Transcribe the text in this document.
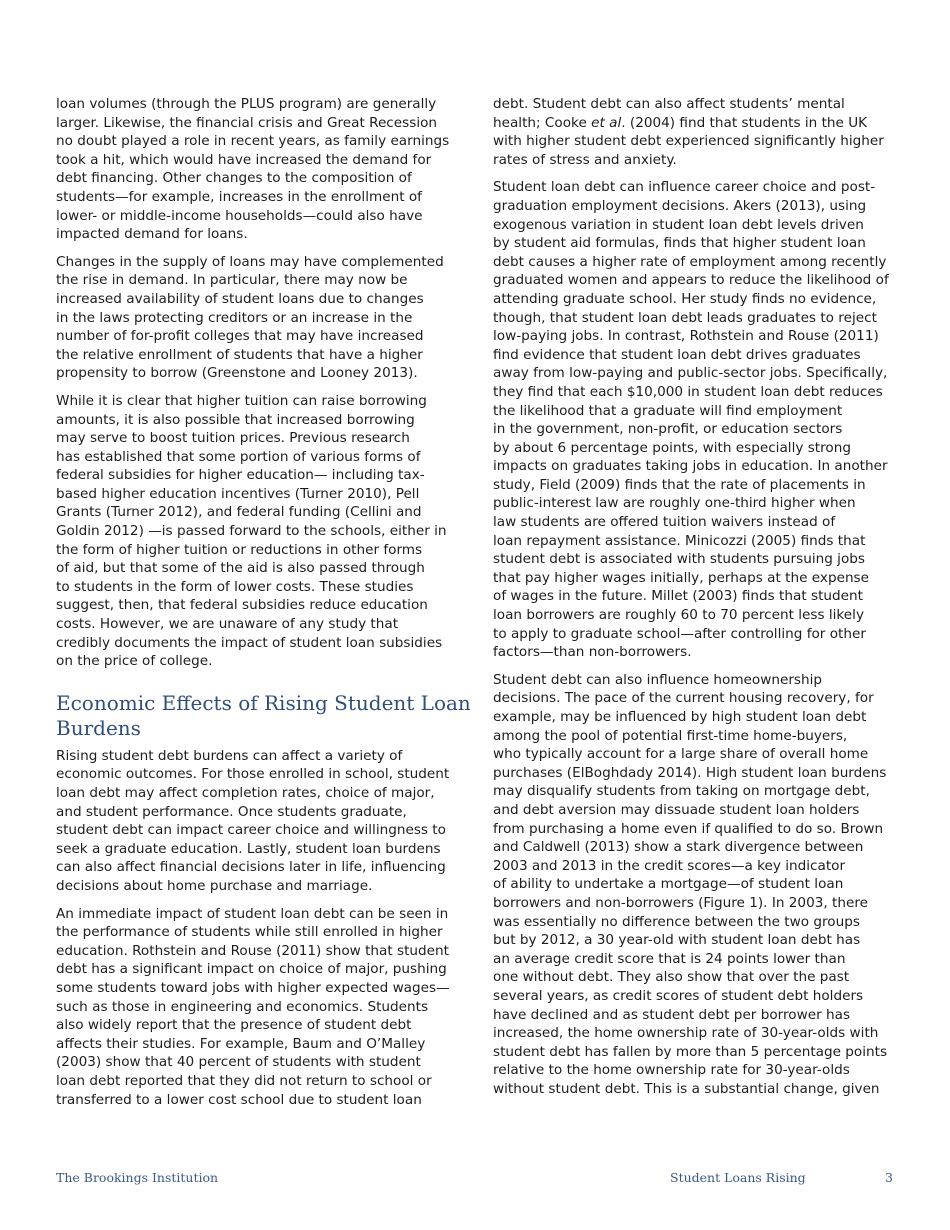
loan volumes (through the PLUS program) are generally
larger. Likewise, the financial crisis and Great Recession
no doubt played a role in recent years, as family earnings
took a hit, which would have increased the demand for
debt financing. Other changes to the composition of
students—for example, increases in the enrollment of
lower- or middle-income households—could also have
impacted demand for loans.

Changes in the supply of loans may have complemented
the rise in demand. In particular, there may now be
increased availability of student loans due to changes
in the laws protecting creditors or an increase in the
number of for-profit colleges that may have increased
the relative enrollment of students that have a higher
propensity to borrow (Greenstone and Looney 2013).

While it is clear that higher tuition can raise borrowing
amounts, it is also possible that increased borrowing
may serve to boost tuition prices. Previous research
has established that some portion of various forms of
federal subsidies for higher education— including tax-
based higher education incentives (Turner 2010), Pell
Grants (Turner 2012), and federal funding (Cellini and
Goldin 2012) —is passed forward to the schools, either in
the form of higher tuition or reductions in other forms
of aid, but that some of the aid is also passed through
to students in the form of lower costs. These studies
suggest, then, that federal subsidies reduce education
costs. However, we are unaware of any study that
credibly documents the impact of student loan subsidies
on the price of college.

Economic Effects of Rising Student Loan
Burdens

Rising student debt burdens can affect a variety of
economic outcomes. For those enrolled in school, student
loan debt may affect completion rates, choice of major,
and student performance. Once students graduate,
student debt can impact career choice and willingness to
seek a graduate education. Lastly, student loan burdens
can also affect financial decisions later in life, influencing
decisions about home purchase and marriage.

An immediate impact of student loan debt can be seen in
the performance of students while still enrolled in higher
education. Rothstein and Rouse (2011) show that student
debt has a significant impact on choice of major, pushing
some students toward jobs with higher expected wages—
such as those in engineering and economics. Students
also widely report that the presence of student debt
affects their studies. For example, Baum and O’Malley
(2003) show that 40 percent of students with student
loan debt reported that they did not return to school or
transferred to a lower cost school due to student loan

debt. Student debt can also affect students’ mental
health; Cooke et al. (2004) find that students in the UK
with higher student debt experienced significantly higher
rates of stress and anxiety.

Student loan debt can influence career choice and post-
graduation employment decisions. Akers (2013), using
exogenous variation in student loan debt levels driven
by student aid formulas, finds that higher student loan
debt causes a higher rate of employment among recently
graduated women and appears to reduce the likelihood of
attending graduate school. Her study finds no evidence,
though, that student loan debt leads graduates to reject
low-paying jobs. In contrast, Rothstein and Rouse (2011)
find evidence that student loan debt drives graduates
away from low-paying and public-sector jobs. Specifically,
they find that each $10,000 in student loan debt reduces
the likelihood that a graduate will find employment
in the government, non-profit, or education sectors
by about 6 percentage points, with especially strong
impacts on graduates taking jobs in education. In another
study, Field (2009) finds that the rate of placements in
public-interest law are roughly one-third higher when
law students are offered tuition waivers instead of
loan repayment assistance. Minicozzi (2005) finds that
student debt is associated with students pursuing jobs
that pay higher wages initially, perhaps at the expense
of wages in the future. Millet (2003) finds that student
loan borrowers are roughly 60 to 70 percent less likely
to apply to graduate school—after controlling for other
factors—than non-borrowers.

Student debt can also influence homeownership
decisions. The pace of the current housing recovery, for
example, may be influenced by high student loan debt
among the pool of potential first-time home-buyers,
who typically account for a large share of overall home
purchases (ElBoghdady 2014). High student loan burdens
may disqualify students from taking on mortgage debt,
and debt aversion may dissuade student loan holders
from purchasing a home even if qualified to do so. Brown
and Caldwell (2013) show a stark divergence between
2003 and 2013 in the credit scores—a key indicator
of ability to undertake a mortgage—of student loan
borrowers and non-borrowers (Figure 1). In 2003, there
was essentially no difference between the two groups
but by 2012, a 30 year-old with student loan debt has
an average credit score that is 24 points lower than
one without debt. They also show that over the past
several years, as credit scores of student debt holders
have declined and as student debt per borrower has
increased, the home ownership rate of 30-year-olds with
student debt has fallen by more than 5 percentage points
relative to the home ownership rate for 30-year-olds
without student debt. This is a substantial change, given

The Brookings Institution	Student Loans Rising	3
